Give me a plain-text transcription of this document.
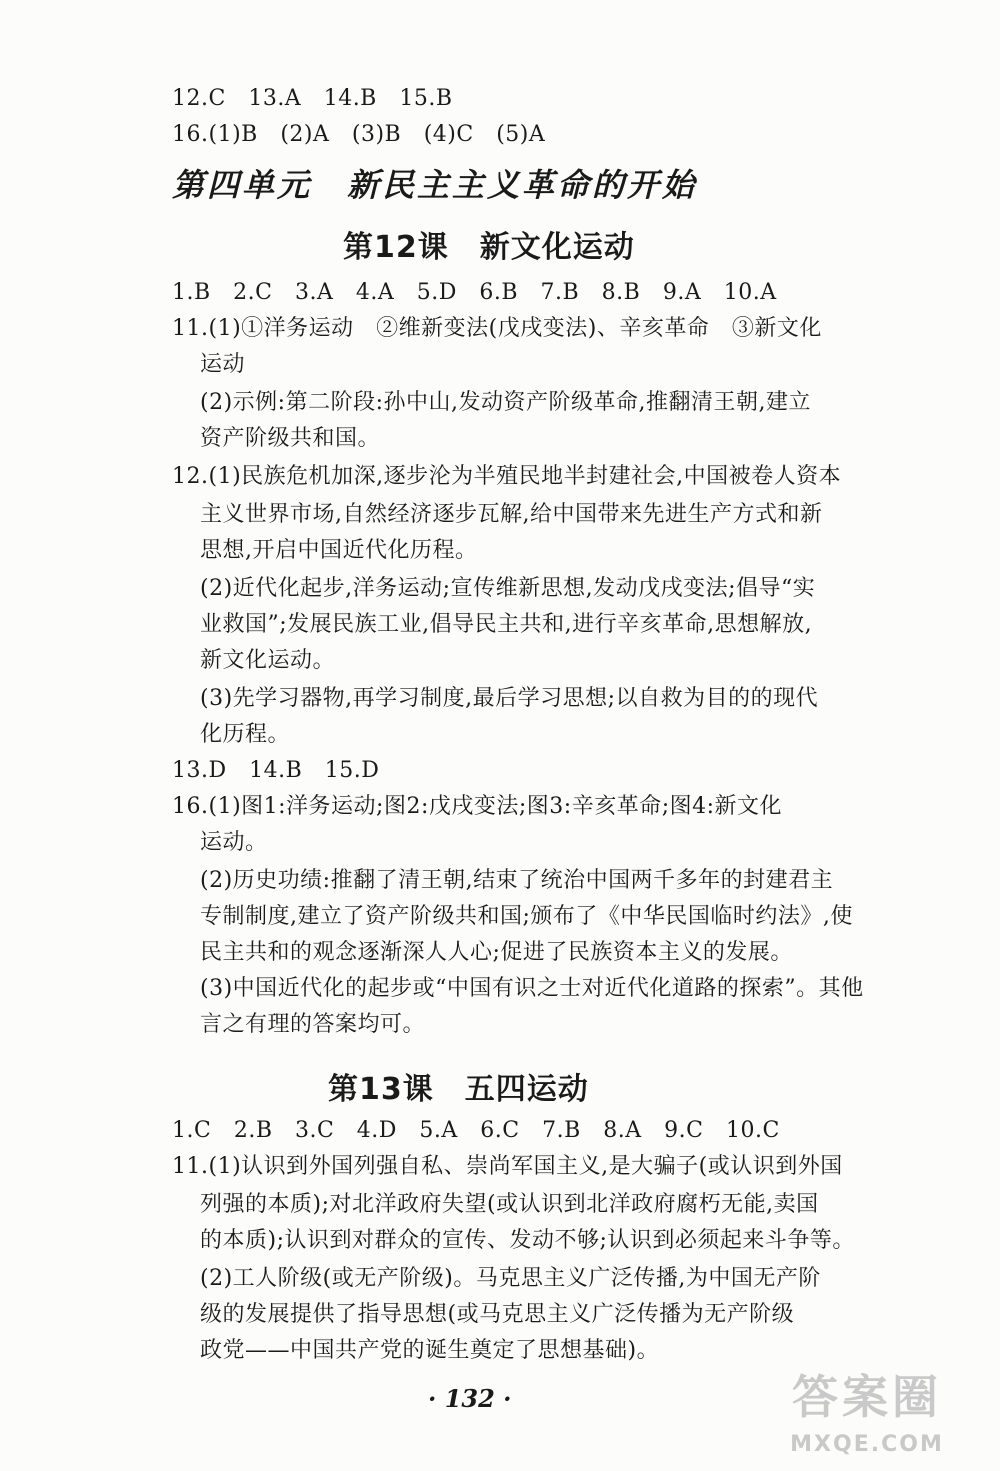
12.C　13.A　14.B　15.B
16.(1)B　(2)A　(3)B　(4)C　(5)A
第四单元　新民主主义革命的开始
第12课　新文化运动
1.B　2.C　3.A　4.A　5.D　6.B　7.B　8.B　9.A　10.A
11.(1)①洋务运动　②维新变法(戊戌变法)、辛亥革命　③新文化
运动
(2)示例:第二阶段:孙中山,发动资产阶级革命,推翻清王朝,建立
资产阶级共和国。
12.(1)民族危机加深,逐步沦为半殖民地半封建社会,中国被卷人资本
主义世界市场,自然经济逐步瓦解,给中国带来先进生产方式和新
思想,开启中国近代化历程。
(2)近代化起步,洋务运动;宣传维新思想,发动戊戌变法;倡导“实
业救国”;发展民族工业,倡导民主共和,进行辛亥革命,思想解放,
新文化运动。
(3)先学习器物,再学习制度,最后学习思想;以自救为目的的现代
化历程。
13.D　14.B　15.D
16.(1)图1:洋务运动;图2:戊戌变法;图3:辛亥革命;图4:新文化
运动。
(2)历史功绩:推翻了清王朝,结束了统治中国两千多年的封建君主
专制制度,建立了资产阶级共和国;颁布了《中华民国临时约法》,使
民主共和的观念逐渐深人人心;促进了民族资本主义的发展。
(3)中国近代化的起步或“中国有识之士对近代化道路的探索”。其他
言之有理的答案均可。
第13课　五四运动
1.C　2.B　3.C　4.D　5.A　6.C　7.B　8.A　9.C　10.C
11.(1)认识到外国列强自私、崇尚军国主义,是大骗子(或认识到外国
列强的本质);对北洋政府失望(或认识到北洋政府腐朽无能,卖国
的本质);认识到对群众的宣传、发动不够;认识到必须起来斗争等。
(2)工人阶级(或无产阶级)。马克思主义广泛传播,为中国无产阶
级的发展提供了指导思想(或马克思主义广泛传播为无产阶级
政党——中国共产党的诞生奠定了思想基础)。
· 132 ·	答案圈
MXQE.COM
